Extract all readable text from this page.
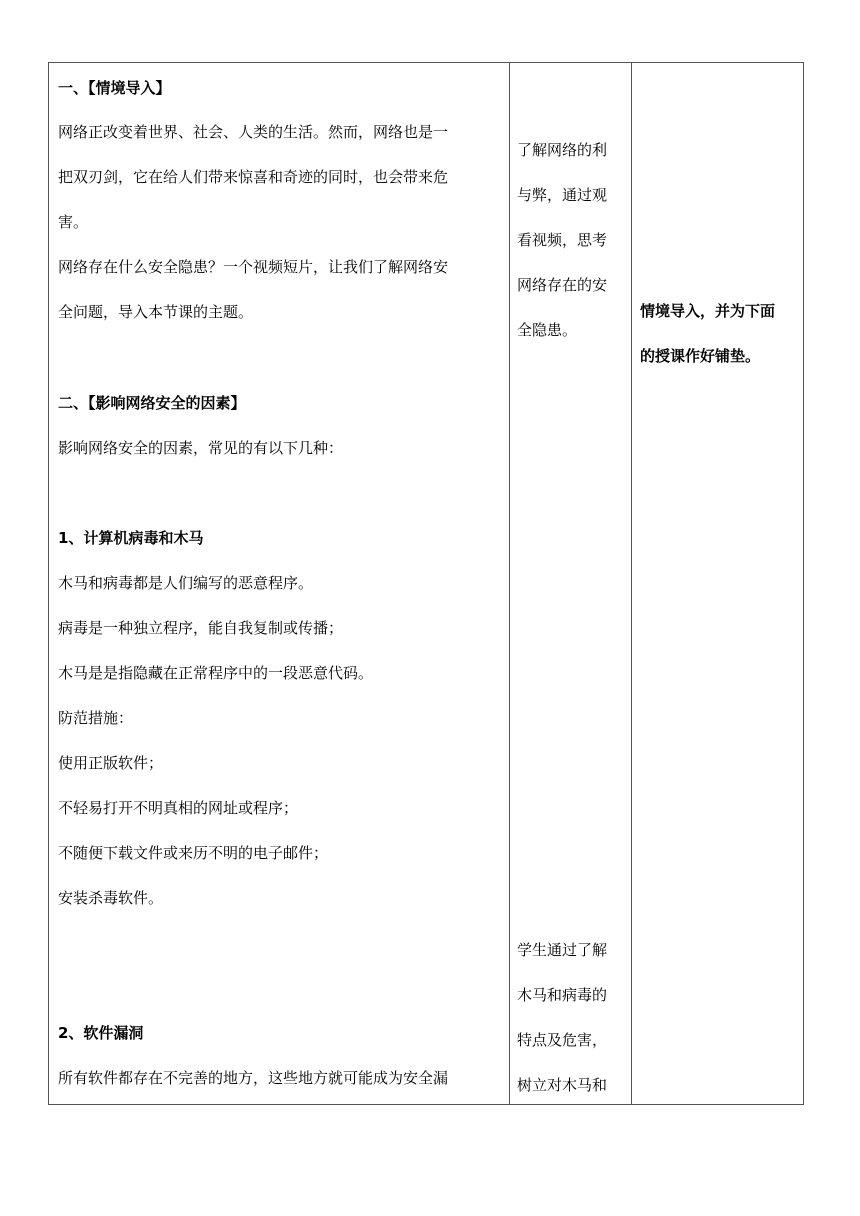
一、【情境导入】
网络正改变着世界、社会、人类的生活。然而，网络也是一
把双刃剑，它在给人们带来惊喜和奇迹的同时，也会带来危
害。
网络存在什么安全隐患？一个视频短片，让我们了解网络安
全问题，导入本节课的主题。
二、【影响网络安全的因素】
影响网络安全的因素，常见的有以下几种：
1、计算机病毒和木马
木马和病毒都是人们编写的恶意程序。
病毒是一种独立程序，能自我复制或传播；
木马是是指隐藏在正常程序中的一段恶意代码。
防范措施：
使用正版软件；
不轻易打开不明真相的网址或程序；
不随便下载文件或来历不明的电子邮件；
安装杀毒软件。
2、软件漏洞
所有软件都存在不完善的地方，这些地方就可能成为安全漏
了解网络的利
与弊，通过观
看视频，思考
网络存在的安
全隐患。
学生通过了解
木马和病毒的
特点及危害，
树立对木马和
情境导入，并为下面
的授课作好铺垫。
